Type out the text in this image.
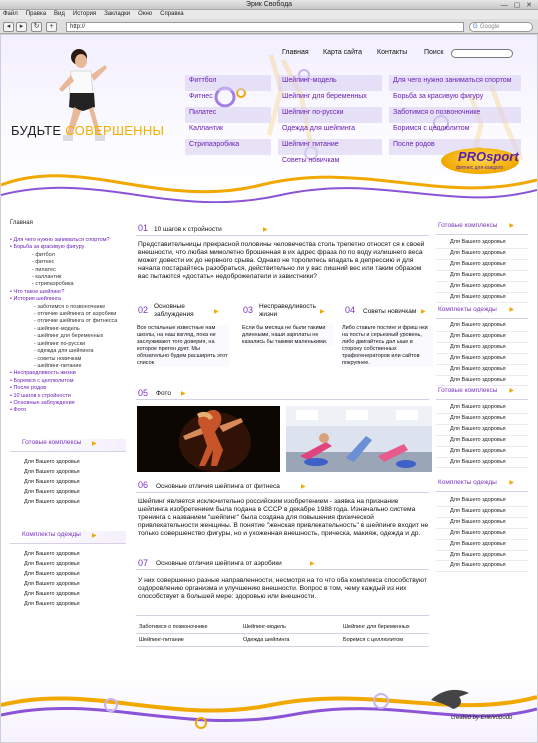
Эрик Свобода	— ▢ ✕
Файл Правка Вид История Закладки Окно Справка
◂	▸	↻	+	http://	G Google
Главная Карта сайта Контакты Поиск
БУДЬТЕ СОВЕРШЕННЫ
Фиттбол
Фитнес
Пилатес
Каллантик
Стрипаэробика
Шейпинг-модель
Шейпинг для беременных
Шейпинг по-русски
Одежда для шейпинга
Шейпинг питание
Советы новичкам
Для чего нужно заниматься спортом
Борьба за красивую фигуру
Заботимся о позвоночнике
Боримся с целлюлитом
После родов
PROsport
фитнес для каждого
Главная
• Для чего нужно заниматься спортом?
• Борьба за красивую фигуру
- фитбол
- фитнес
- пилатес
- каллантик
- стрипаэробика
• Что такое шейпинг?
• История шейпинга
- заботимся о позвоночнике
- отличие шейпинга от аэробики
- отличие шейпинга от фитнесса
- шейпинг-модель
- шейпинг для беременных
- шейпинг по-русски
- одежда для шейпинга
- советы новичкам
- шейпинг-питание
• Неспраедливость жизни
• Боремся с целлюлитом
• После родов
• 10 шагов к стройности
• Основные заблуждения
• Фото
Готовые комплексы ▶
Для Вашего здоровья
Для Вашего здоровья
Для Вашего здоровья
Для Вашего здоровья
Для Вашего здоровья
Комплекты одежды ▶
Для Вашего здоровья
Для Вашего здоровья
Для Вашего здоровья
Для Вашего здоровья
Для Вашего здоровья
Для Вашего здоровья
01 10 шагов к стройности	▶
Представительницы прекрасной половины человечества столь трепетно относят ся к своей внешности, что любая мимолетно брошенная в их адрес фраза по по воду излишнего веса может довести их до нервного срыва. Однако не торопитесь впадать в депрессию и для начала постарайтесь разобраться, действительно ли у вас лишний вес или таким образом вас пытаются «достать» недоброжелатели и завистники?
02 Основные заблуждения	▶
Все остальные известные нам школы, на наш взгляд, пока не заслуживают того доверия, на которое претен дует. Мы обязательно будем расширять этот список
03 Несправедливость жизни	▶
Если бы месяца не были такими длинными, наши зарплаты не казались бы такими маленькими.
04 Советы новичкам ▶
Либо ставьте постинг и фриш нки на посты и серьезный уровень, либо двигайтесь дал ыше в сторону собственных трафогенераторов или сайтов покрупнее.
05 Фото ▶
06 Основные отличия шейпинга от фитнеса	▶
Шейпинг является исключительно российским изобретением - заявка на признание шейпинга изобретением была подана в СССР в декабре 1988 года. Изначально система тренинга с названием "шейпинг" была создана для повышения физической привлекательности женщины. В понятие "женская привлекательность" в шейпинге входит не только совершенство фигуры, но и ухоженная внешность, прическа, макияж, одежда и др.
07 Основные отличия шейпинга от аэробики	▶
У них совершенно разные направленности, несмотря на то что оба комплекса способствуют оздоровлению организма и улучшению внешности. Вопрос в том, чему каждый из них способствует в большей мере: здоровью или внешности.
Заботимся о позвоночнике	Шейпинг-модель	Шейпинг для беременных
Шейпинг-питание	Одежда шейпинга	Боремся с целлюлитом
Готовые комплексы ▶
Для Вашего здоровья
Для Вашего здоровья
Для Вашего здоровья
Для Вашего здоровья
Для Вашего здоровья
Для Вашего здоровья
Комплекты одежды ▶
Для Вашего здоровья
Для Вашего здоровья
Для Вашего здоровья
Для Вашего здоровья
Для Вашего здоровья
Для Вашего здоровья
Готовые комплексы ▶
Для Вашего здоровья
Для Вашего здоровья
Для Вашего здоровья
Для Вашего здоровья
Для Вашего здоровья
Для Вашего здоровья
Комплекты одежды ▶
Для Вашего здоровья
Для Вашего здоровья
Для Вашего здоровья
Для Вашего здоровья
Для Вашего здоровья
Для Вашего здоровья
Для Вашего здоровья
created by Erik/vobodo
